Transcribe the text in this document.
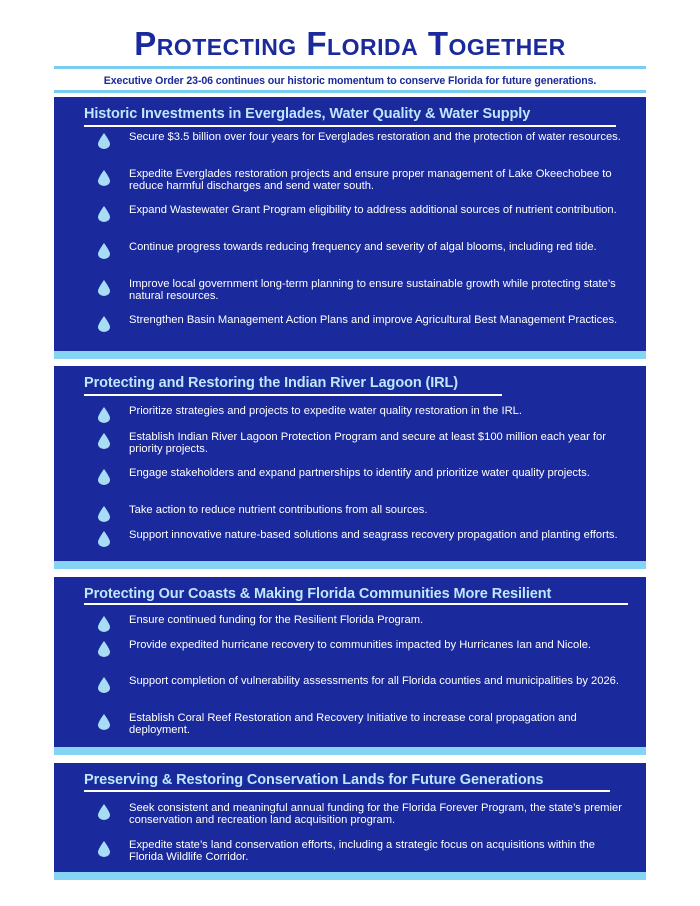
Protecting Florida Together
Executive Order 23-06 continues our historic momentum to conserve Florida for future generations.
Historic Investments in Everglades, Water Quality & Water Supply
Secure $3.5 billion over four years for Everglades restoration and the protection of water resources.
Expedite Everglades restoration projects and ensure proper management of Lake Okeechobee to reduce harmful discharges and send water south.
Expand Wastewater Grant Program eligibility to address additional sources of nutrient contribution.
Continue progress towards reducing frequency and severity of algal blooms, including red tide.
Improve local government long-term planning to ensure sustainable growth while protecting state’s natural resources.
Strengthen Basin Management Action Plans and improve Agricultural Best Management Practices.
Protecting and Restoring the Indian River Lagoon (IRL)
Prioritize strategies and projects to expedite water quality restoration in the IRL.
Establish Indian River Lagoon Protection Program and secure at least $100 million each year for priority projects.
Engage stakeholders and expand partnerships to identify and prioritize water quality projects.
Take action to reduce nutrient contributions from all sources.
Support innovative nature-based solutions and seagrass recovery propagation and planting efforts.
Protecting Our Coasts & Making Florida Communities More Resilient
Ensure continued funding for the Resilient Florida Program.
Provide expedited hurricane recovery to communities impacted by Hurricanes Ian and Nicole.
Support completion of vulnerability assessments for all Florida counties and municipalities by 2026.
Establish Coral Reef Restoration and Recovery Initiative to increase coral propagation and deployment.
Preserving & Restoring Conservation Lands for Future Generations
Seek consistent and meaningful annual funding for the Florida Forever Program, the state’s premier conservation and recreation land acquisition program.
Expedite state’s land conservation efforts, including a strategic focus on acquisitions within the Florida Wildlife Corridor.
